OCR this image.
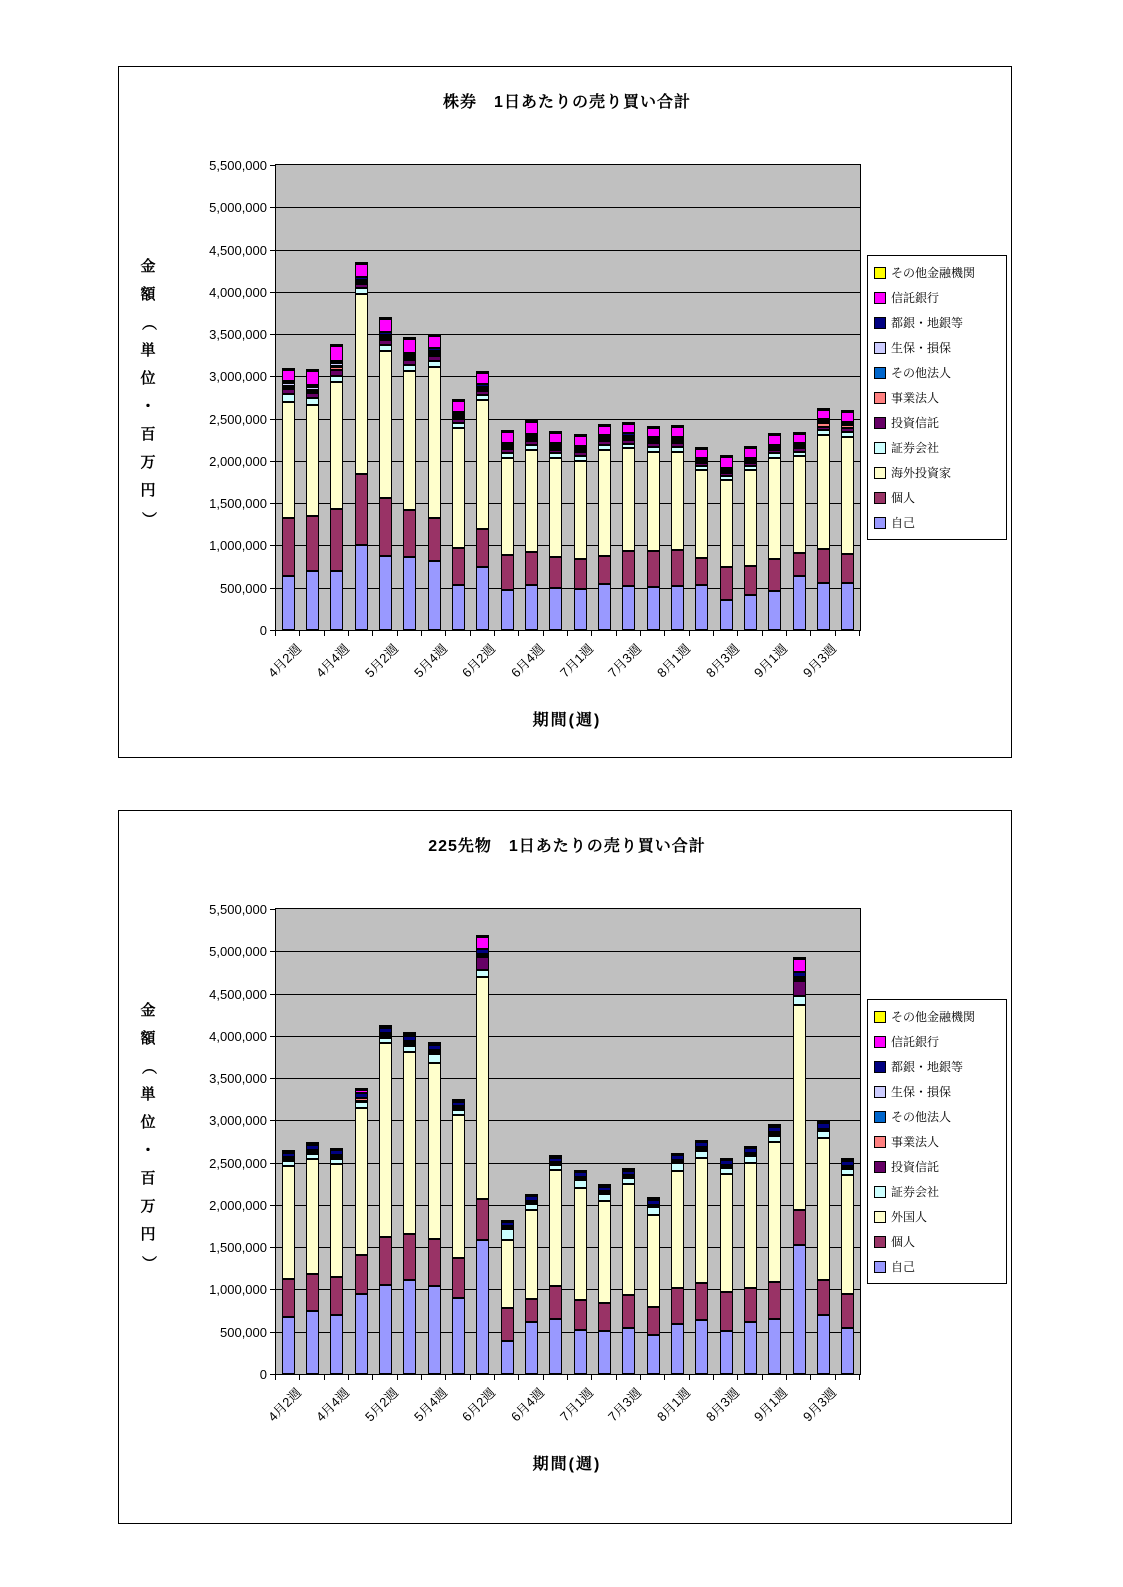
株券　1日あたりの売り買い合計
金
額
（
単
位
・
百
万
円
）
期間(週)
その他金融機関
信託銀行
都銀・地銀等
生保・損保
その他法人
事業法人
投資信託
証券会社
海外投資家
個人
自己
0
500,000
1,000,000
1,500,000
2,000,000
2,500,000
3,000,000
3,500,000
4,000,000
4,500,000
5,000,000
5,500,000
4月2週 4月4週 5月2週 5月4週 6月2週 6月4週 7月1週 7月3週 8月1週 8月3週 9月1週 9月3週
225先物　1日あたりの売り買い合計
金
額
（
単
位
・
百
万
円
）
期間(週)
その他金融機関
信託銀行
都銀・地銀等
生保・損保
その他法人
事業法人
投資信託
証券会社
外国人
個人
自己
0
500,000
1,000,000
1,500,000
2,000,000
2,500,000
3,000,000
3,500,000
4,000,000
4,500,000
5,000,000
5,500,000
4月2週 4月4週 5月2週 5月4週 6月2週 6月4週 7月1週 7月3週 8月1週 8月3週 9月1週 9月3週
